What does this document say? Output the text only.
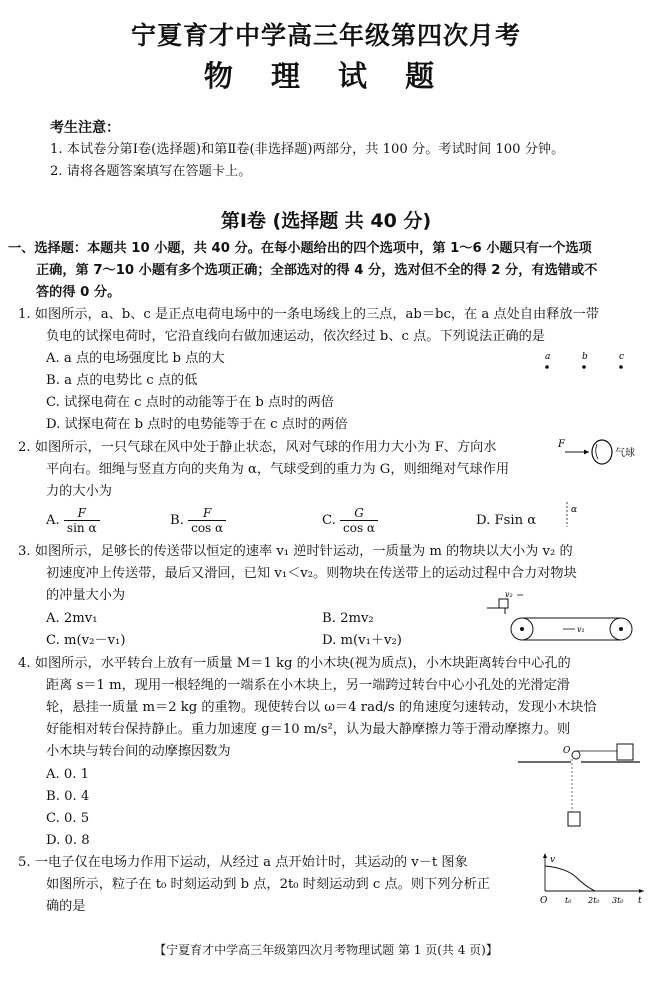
宁夏育才中学高三年级第四次月考
物 理 试 题
考生注意：
1. 本试卷分第Ⅰ卷(选择题)和第Ⅱ卷(非选择题)两部分，共 100 分。考试时间 100 分钟。
2. 请将各题答案填写在答题卡上。
第Ⅰ卷 (选择题 共 40 分)
一、选择题：本题共 10 小题，共 40 分。在每小题给出的四个选项中，第 1～6 小题只有一个选项
正确，第 7～10 小题有多个选项正确；全部选对的得 4 分，选对但不全的得 2 分，有选错或不
答的得 0 分。
1. 如图所示，a、b、c 是正点电荷电场中的一条电场线上的三点，ab＝bc，在 a 点处自由释放一带
负电的试探电荷时，它沿直线向右做加速运动，依次经过 b、c 点。下列说法正确的是
A. a 点的电场强度比 b 点的大
B. a 点的电势比 c 点的低
C. 试探电荷在 c 点时的动能等于在 b 点时的两倍
D. 试探电荷在 b 点时的电势能等于在 c 点时的两倍
a	b	c
2. 如图所示，一只气球在风中处于静止状态，风对气球的作用力大小为 F、方向水
平向右。细绳与竖直方向的夹角为 α，气球受到的重力为 G，则细绳对气球作用
力的大小为
A. $\frac{F}{\text{sin α}}$	B. $\frac{F}{\text{cos α}}$	C. $\frac{G}{\text{cos α}}$	D. Fsin α
F
气球
α
3. 如图所示，足够长的传送带以恒定的速率 v₁ 逆时针运动，一质量为 m 的物块以大小为 v₂ 的
初速度冲上传送带，最后又滑回，已知 v₁＜v₂。则物块在传送带上的运动过程中合力对物块
的冲量大小为
A. 2mv₁	B. 2mv₂
C. m(v₂－v₁)	D. m(v₁＋v₂)
v₂
v₁
4. 如图所示，水平转台上放有一质量 M＝1 kg 的小木块(视为质点)，小木块距离转台中心孔的
距离 s＝1 m，现用一根轻绳的一端系在小木块上，另一端跨过转台中心小孔处的光滑定滑
轮，悬挂一质量 m＝2 kg 的重物。现使转台以 ω＝4 rad/s 的角速度匀速转动，发现小木块恰
好能相对转台保持静止。重力加速度 g＝10 m/s²，认为最大静摩擦力等于滑动摩擦力。则
小木块与转台间的动摩擦因数为
A. 0. 1
B. 0. 4
C. 0. 5
D. 0. 8
O
5. 一电子仅在电场力作用下运动，从经过 a 点开始计时，其运动的 v－t 图象
如图所示，粒子在 t₀ 时刻运动到 b 点，2t₀ 时刻运动到 c 点。则下列分析正
确的是
v
O t₀ 2t₀ 3t₀ t
【宁夏育才中学高三年级第四次月考物理试题 第 1 页(共 4 页)】
